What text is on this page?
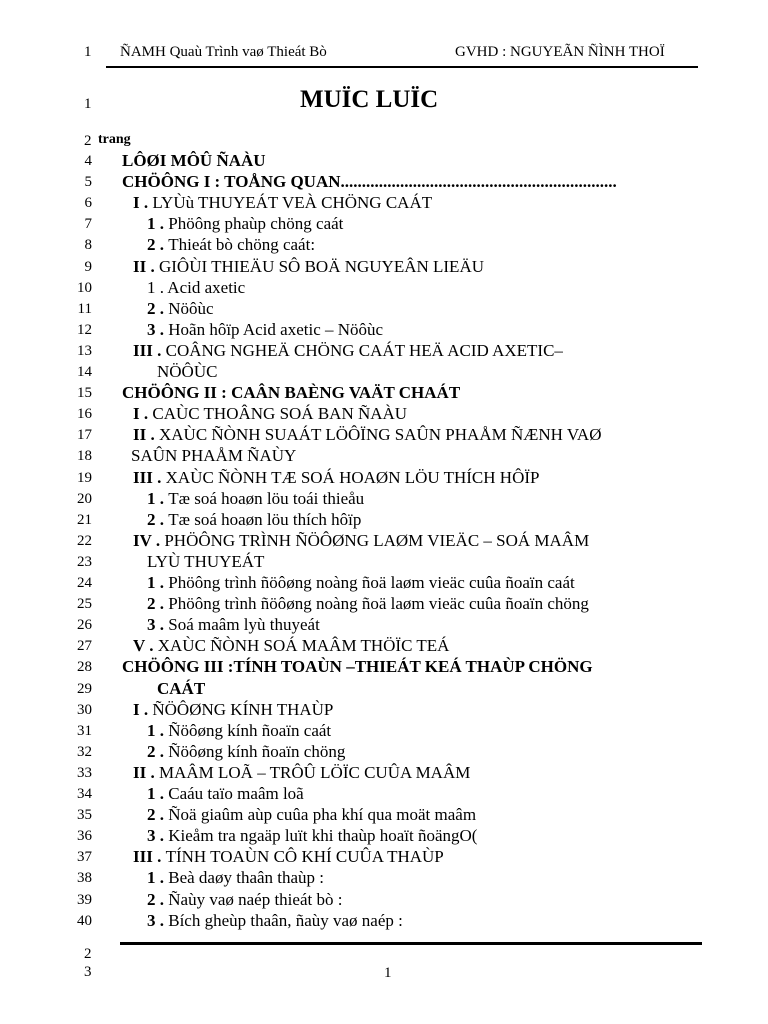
1 ÑAMH Quaù Trình vaø Thieát Bò	GVHD : NGUYEÃN ÑÌNH THOÏ
1	MUÏC LUÏC
2 trang
4 LÔØI MÔÛ ÑAÀU
5 CHÖÔNG I : TOÅNG QUAN.................................................................
6 I . LYÙù THUYEÁT VEÀ CHÖNG CAÁT
7	1 . Phöông phaùp chöng caát
8	2 . Thieát bò chöng caát:
9 II . GIÔÙI THIEÄU SÔ BOÄ NGUYEÂN LIEÄU
10	1 . Acid axetic
11	2 . Nöôùc
12	3 . Hoãn hôïp Acid axetic – Nöôùc
13 III . COÂNG NGHEÄ CHÖNG CAÁT HEÄ ACID AXETIC–
14	NÖÔÙC
15 CHÖÔNG II : CAÂN BAÈNG VAÄT CHAÁT
16 I . CAÙC THOÂNG SOÁ BAN ÑAÀU
17 II . XAÙC ÑÒNH SUAÁT LÖÔÏNG SAÛN PHAÅM ÑÆNH VAØ
18 SAÛN PHAÅM ÑAÙY
19 III . XAÙC ÑÒNH TÆ SOÁ HOAØN LÖU THÍCH HÔÏP
20	1 . Tæ soá hoaøn löu toái thieåu
21	2 . Tæ soá hoaøn löu thích hôïp
22 IV . PHÖÔNG TRÌNH ÑÖÔØNG LAØM VIEÄC – SOÁ MAÂM
23	LYÙ THUYEÁT
24	1 . Phöông trình ñöôøng noàng ñoä laøm vieäc cuûa ñoaïn caát
25	2 . Phöông trình ñöôøng noàng ñoä laøm vieäc cuûa ñoaïn chöng
26	3 . Soá maâm lyù thuyeát
27 V . XAÙC ÑÒNH SOÁ MAÂM THÖÏC TEÁ
28 CHÖÔNG III :TÍNH TOAÙN –THIEÁT KEÁ THAÙP CHÖNG
29	CAÁT
30 I . ÑÖÔØNG KÍNH THAÙP
31	1 . Ñöôøng kính ñoaïn caát
32	2 . Ñöôøng kính ñoaïn chöng
33 II . MAÂM LOÃ – TRÔÛ LÖÏC CUÛA MAÂM
34	1 . Caáu taïo maâm loã
35	2 . Ñoä giaûm aùp cuûa pha khí qua moät maâm
36	3 . Kieåm tra ngaäp luït khi thaùp hoaït ñoängO(
37 III . TÍNH TOAÙN CÔ KHÍ CUÛA THAÙP
38	1 . Beà daøy thaân thaùp :
39	2 . Ñaùy vaø naép thieát bò :
40	3 . Bích gheùp thaân, ñaùy vaø naép :
2
3	1
